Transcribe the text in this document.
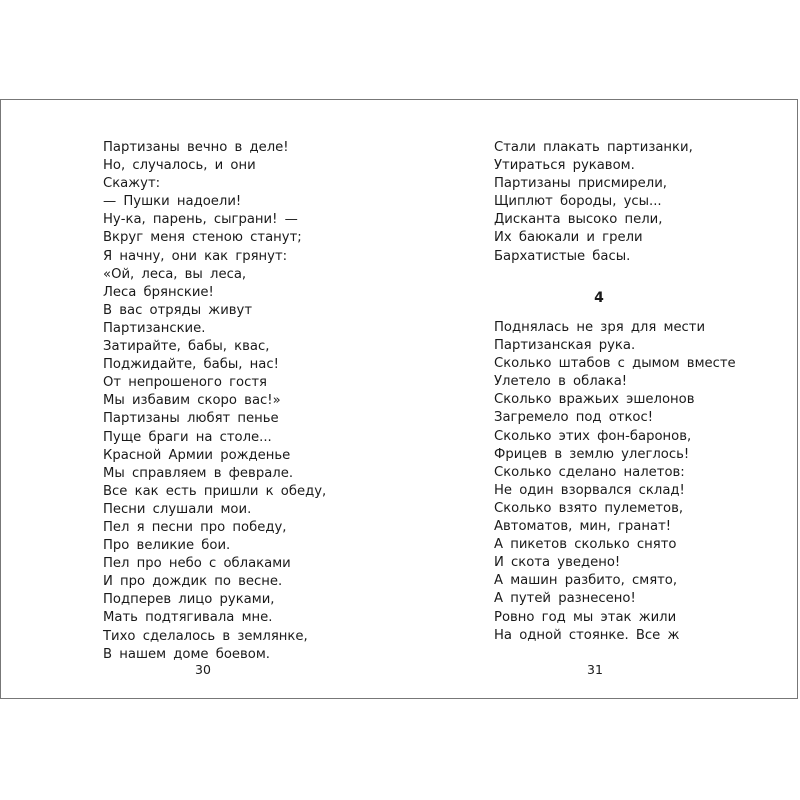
Партизаны вечно в деле!
Но, случалось, и они
Скажут:
— Пушки надоели!
Ну-ка, парень, сыграни! —
Вкруг меня стеною станут;
Я начну, они как грянут:
«Ой, леса, вы леса,
Леса брянские!
В вас отряды живут
Партизанские.
Затирайте, бабы, квас,
Поджидайте, бабы, нас!
От непрошеного гостя
Мы избавим скоро вас!»
Партизаны любят пенье
Пуще браги на столе...
Красной Армии рожденье
Мы справляем в феврале.
Все как есть пришли к обеду,
Песни слушали мои.
Пел я песни про победу,
Про великие бои.
Пел про небо с облаками
И про дождик по весне.
Подперев лицо руками,
Мать подтягивала мне.
Тихо сделалось в землянке,
В нашем доме боевом.
30
Стали плакать партизанки,
Утираться рукавом.
Партизаны присмирели,
Щиплют бороды, усы...
Дисканта высоко пели,
Их баюкали и грели
Бархатистые басы.
4
Поднялась не зря для мести
Партизанская рука.
Сколько штабов с дымом вместе
Улетело в облака!
Сколько вражьих эшелонов
Загремело под откос!
Сколько этих фон-баронов,
Фрицев в землю улеглось!
Сколько сделано налетов:
Не один взорвался склад!
Сколько взято пулеметов,
Автоматов, мин, гранат!
А пикетов сколько снято
И скота уведено!
А машин разбито, смято,
А путей разнесено!
Ровно год мы этак жили
На одной стоянке. Все ж
31
